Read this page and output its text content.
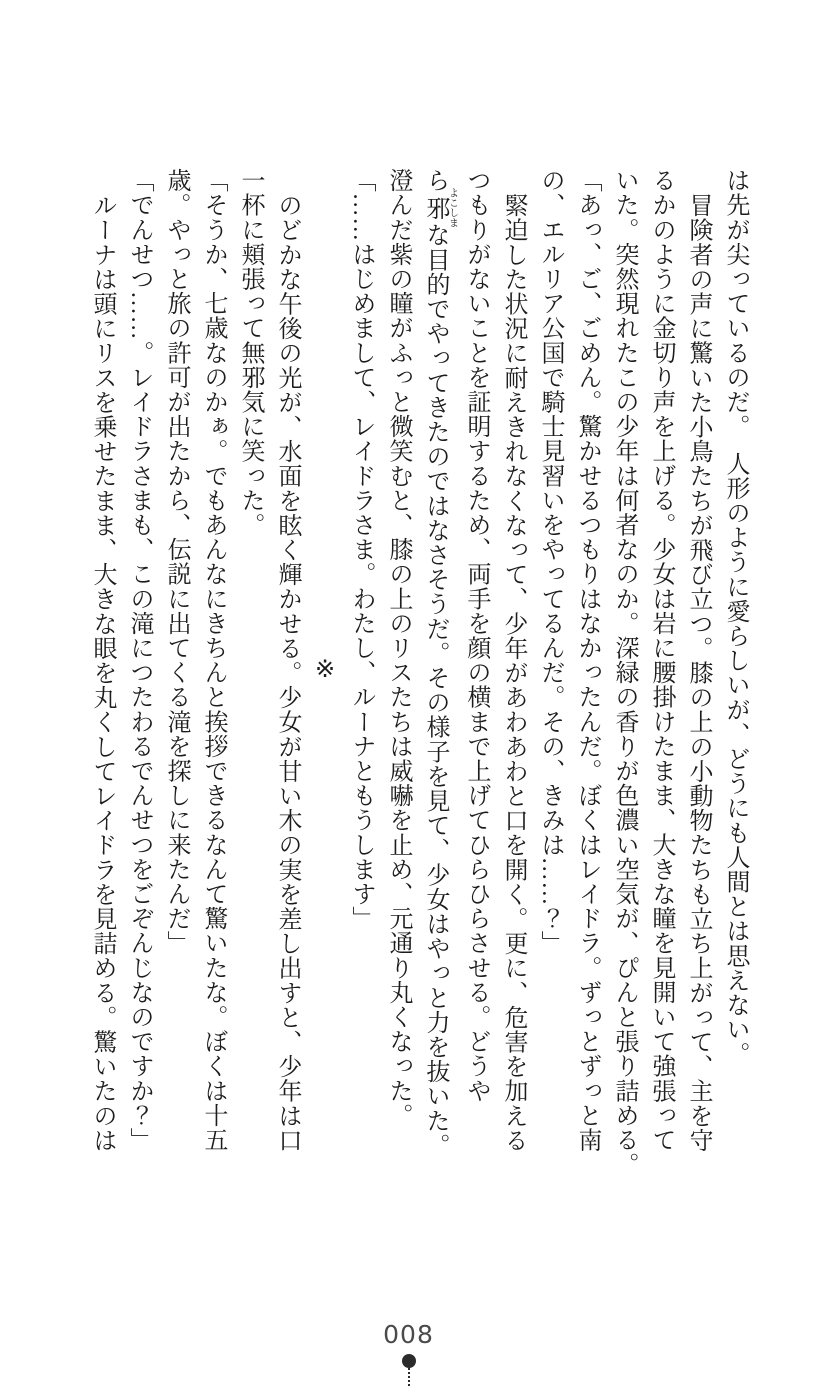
は先が尖っているのだ。　人形のように愛らしいが、どうにも人間とは思えない。
冒険者の声に驚いた小鳥たちが飛び立つ。膝の上の小動物たちも立ち上がって、主を守
るかのように金切り声を上げる。少女は岩に腰掛けたまま、大きな瞳を見開いて強張って
いた。突然現れたこの少年は何者なのか。深緑の香りが色濃い空気が、ぴんと張り詰める。
「あっ、ご、ごめん。驚かせるつもりはなかったんだ。ぼくはレイドラ。ずっとずっと南
の、エルリア公国で騎士見習いをやってるんだ。その、きみは……？」
緊迫した状況に耐えきれなくなって、少年があわあわと口を開く。更に、危害を加える
つもりがないことを証明するため、両手を顔の横まで上げてひらひらさせる。どうや
ら邪よこしまな目的でやってきたのではなさそうだ。その様子を見て、少女はやっと力を抜いた。
澄んだ紫の瞳がふっと微笑むと、膝の上のリスたちは威嚇を止め、元通り丸くなった。
「……はじめまして、レイドラさま。わたし、ルーナともうします」
※
のどかな午後の光が、水面を眩く輝かせる。少女が甘い木の実を差し出すと、少年は口
一杯に頬張って無邪気に笑った。
「そうか、七歳なのかぁ。でもあんなにきちんと挨拶できるなんて驚いたな。ぼくは十五
歳。やっと旅の許可が出たから、伝説に出てくる滝を探しに来たんだ」
「でんせつ……。レイドラさまも、この滝につたわるでんせつをごぞんじなのですか？」
ルーナは頭にリスを乗せたまま、大きな眼を丸くしてレイドラを見詰める。驚いたのは
008
